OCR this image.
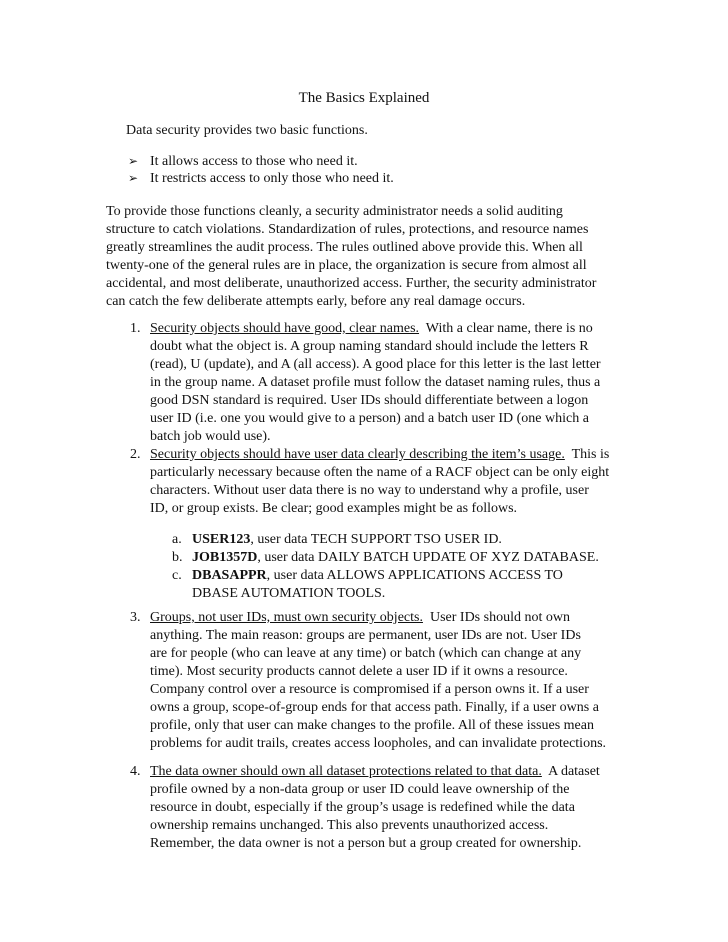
The Basics Explained
Data security provides two basic functions.
➢ It allows access to those who need it.
➢ It restricts access to only those who need it.

To provide those functions cleanly, a security administrator needs a solid auditing
structure to catch violations. Standardization of rules, protections, and resource names
greatly streamlines the audit process. The rules outlined above provide this. When all
twenty-one of the general rules are in place, the organization is secure from almost all
accidental, and most deliberate, unauthorized access. Further, the security administrator
can catch the few deliberate attempts early, before any real damage occurs.

1. Security objects should have good, clear names.  With a clear name, there is no
doubt what the object is. A group naming standard should include the letters R
(read), U (update), and A (all access). A good place for this letter is the last letter
in the group name. A dataset profile must follow the dataset naming rules, thus a
good DSN standard is required. User IDs should differentiate between a logon
user ID (i.e. one you would give to a person) and a batch user ID (one which a
batch job would use).
2. Security objects should have user data clearly describing the item’s usage.  This is
particularly necessary because often the name of a RACF object can be only eight
characters. Without user data there is no way to understand why a profile, user
ID, or group exists. Be clear; good examples might be as follows.
a. USER123, user data TECH SUPPORT TSO USER ID.
b. JOB1357D, user data DAILY BATCH UPDATE OF XYZ DATABASE.
c. DBASAPPR, user data ALLOWS APPLICATIONS ACCESS TO
DBASE AUTOMATION TOOLS.
3. Groups, not user IDs, must own security objects.  User IDs should not own
anything. The main reason: groups are permanent, user IDs are not. User IDs
are for people (who can leave at any time) or batch (which can change at any
time). Most security products cannot delete a user ID if it owns a resource.
Company control over a resource is compromised if a person owns it. If a user
owns a group, scope-of-group ends for that access path. Finally, if a user owns a
profile, only that user can make changes to the profile. All of these issues mean
problems for audit trails, creates access loopholes, and can invalidate protections.
4. The data owner should own all dataset protections related to that data.  A dataset
profile owned by a non-data group or user ID could leave ownership of the
resource in doubt, especially if the group’s usage is redefined while the data
ownership remains unchanged. This also prevents unauthorized access.
Remember, the data owner is not a person but a group created for ownership.
